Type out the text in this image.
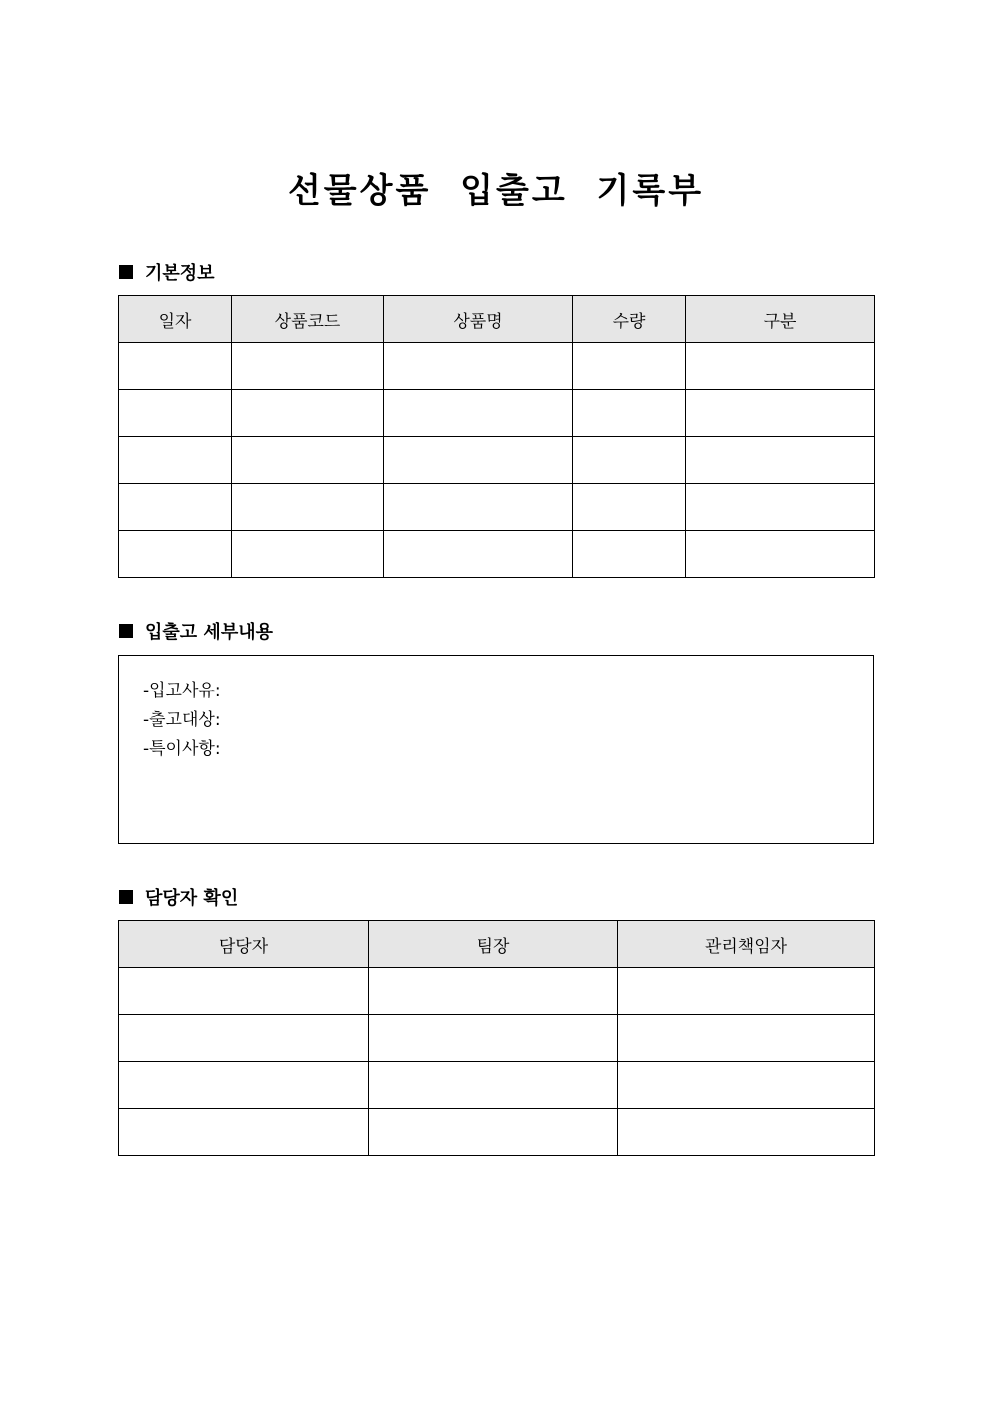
선물상품 입출고 기록부
기본정보
일자	상품코드	상품명	수량	구분

입출고 세부내용
-입고사유:
-출고대상:
-특이사항:
담당자 확인
담당자	팀장	관리책임자
